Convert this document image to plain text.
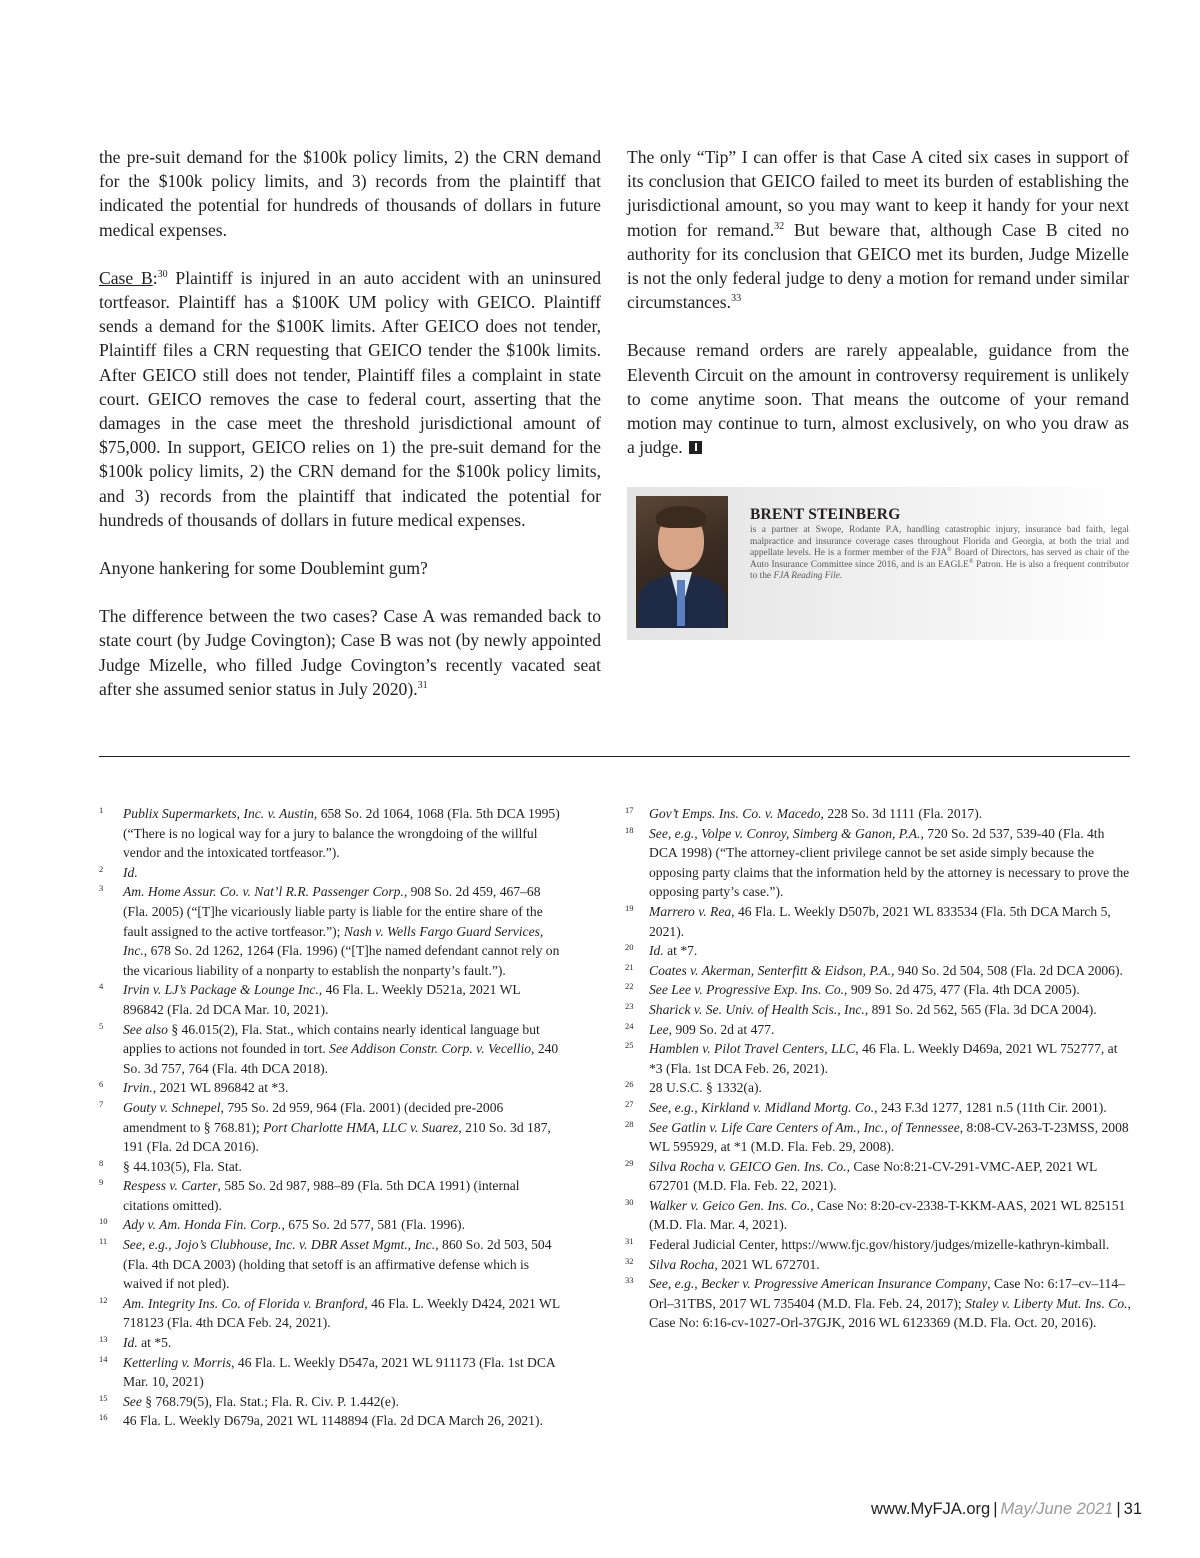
the pre-suit demand for the $100k policy limits, 2) the CRN demand for the $100k policy limits, and 3) records from the plaintiff that indicated the potential for hundreds of thousands of dollars in future medical expenses.

Case B:$^{30}$ Plaintiff is injured in an auto accident with an uninsured tortfeasor. Plaintiff has a $100K UM policy with GEICO. Plaintiff sends a demand for the $100K limits. After GEICO does not tender, Plaintiff files a CRN requesting that GEICO tender the $100k limits. After GEICO still does not tender, Plaintiff files a complaint in state court. GEICO removes the case to federal court, asserting that the damages in the case meet the threshold jurisdictional amount of $75,000. In support, GEICO relies on 1) the pre-suit demand for the $100k policy limits, 2) the CRN demand for the $100k policy limits, and 3) records from the plaintiff that indicated the potential for hundreds of thousands of dollars in future medical expenses.

Anyone hankering for some Doublemint gum?

The difference between the two cases? Case A was remanded back to state court (by Judge Covington); Case B was not (by newly appointed Judge Mizelle, who filled Judge Covington’s recently vacated seat after she assumed senior status in July 2020).$^{31}$

The only “Tip” I can offer is that Case A cited six cases in support of its conclusion that GEICO failed to meet its burden of establishing the jurisdictional amount, so you may want to keep it handy for your next motion for remand.$^{32}$ But beware that, although Case B cited no authority for its conclusion that GEICO met its burden, Judge Mizelle is not the only federal judge to deny a motion for remand under similar circumstances.$^{33}$

Because remand orders are rarely appealable, guidance from the Eleventh Circuit on the amount in controversy requirement is unlikely to come anytime soon. That means the outcome of your remand motion may continue to turn, almost exclusively, on who you draw as a judge.

BRENT STEINBERG

is a partner at Swope, Rodante P.A, handling catastrophic injury, insurance bad faith, legal malpractice and insurance coverage cases throughout Florida and Georgia, at both the trial and appellate levels. He is a former member of the FJA® Board of Directors, has served as chair of the Auto Insurance Committee since 2016, and is an EAGLE® Patron. He is also a frequent contributor to the FJA Reading File.

1 Publix Supermarkets, Inc. v. Austin, 658 So. 2d 1064, 1068 (Fla. 5th DCA 1995) (“There is no logical way for a jury to balance the wrongdoing of the willful vendor and the intoxicated tortfeasor.”).

2 Id.

3 Am. Home Assur. Co. v. Nat’l R.R. Passenger Corp., 908 So. 2d 459, 467–68 (Fla. 2005) (“[T]he vicariously liable party is liable for the entire share of the fault assigned to the active tortfeasor.”); Nash v. Wells Fargo Guard Services, Inc., 678 So. 2d 1262, 1264 (Fla. 1996) (“[T]he named defendant cannot rely on the vicarious liability of a nonparty to establish the nonparty’s fault.”).

4 Irvin v. LJ’s Package & Lounge Inc., 46 Fla. L. Weekly D521a, 2021 WL 896842 (Fla. 2d DCA Mar. 10, 2021).

5 See also § 46.015(2), Fla. Stat., which contains nearly identical language but applies to actions not founded in tort. See Addison Constr. Corp. v. Vecellio, 240 So. 3d 757, 764 (Fla. 4th DCA 2018).

6 Irvin., 2021 WL 896842 at *3.

7 Gouty v. Schnepel, 795 So. 2d 959, 964 (Fla. 2001) (decided pre-2006 amendment to § 768.81); Port Charlotte HMA, LLC v. Suarez, 210 So. 3d 187, 191 (Fla. 2d DCA 2016).

8 § 44.103(5), Fla. Stat.

9 Respess v. Carter, 585 So. 2d 987, 988–89 (Fla. 5th DCA 1991) (internal citations omitted).

10 Ady v. Am. Honda Fin. Corp., 675 So. 2d 577, 581 (Fla. 1996).

11 See, e.g., Jojo’s Clubhouse, Inc. v. DBR Asset Mgmt., Inc., 860 So. 2d 503, 504 (Fla. 4th DCA 2003) (holding that setoff is an affirmative defense which is waived if not pled).

12 Am. Integrity Ins. Co. of Florida v. Branford, 46 Fla. L. Weekly D424, 2021 WL 718123 (Fla. 4th DCA Feb. 24, 2021).

13 Id. at *5.

14 Ketterling v. Morris, 46 Fla. L. Weekly D547a, 2021 WL 911173 (Fla. 1st DCA Mar. 10, 2021)

15 See § 768.79(5), Fla. Stat.; Fla. R. Civ. P. 1.442(e).

16 46 Fla. L. Weekly D679a, 2021 WL 1148894 (Fla. 2d DCA March 26, 2021).

17 Gov’t Emps. Ins. Co. v. Macedo, 228 So. 3d 1111 (Fla. 2017).

18 See, e.g., Volpe v. Conroy, Simberg & Ganon, P.A., 720 So. 2d 537, 539-40 (Fla. 4th DCA 1998) (“The attorney-client privilege cannot be set aside simply because the opposing party claims that the information held by the attorney is necessary to prove the opposing party’s case.”).

19 Marrero v. Rea, 46 Fla. L. Weekly D507b, 2021 WL 833534 (Fla. 5th DCA March 5, 2021).

20 Id. at *7.

21 Coates v. Akerman, Senterfitt & Eidson, P.A., 940 So. 2d 504, 508 (Fla. 2d DCA 2006).

22 See Lee v. Progressive Exp. Ins. Co., 909 So. 2d 475, 477 (Fla. 4th DCA 2005).

23 Sharick v. Se. Univ. of Health Scis., Inc., 891 So. 2d 562, 565 (Fla. 3d DCA 2004).

24 Lee, 909 So. 2d at 477.

25 Hamblen v. Pilot Travel Centers, LLC, 46 Fla. L. Weekly D469a, 2021 WL 752777, at *3 (Fla. 1st DCA Feb. 26, 2021).

26 28 U.S.C. § 1332(a).

27 See, e.g., Kirkland v. Midland Mortg. Co., 243 F.3d 1277, 1281 n.5 (11th Cir. 2001).

28 See Gatlin v. Life Care Centers of Am., Inc., of Tennessee, 8:08-CV-263-T-23MSS, 2008 WL 595929, at *1 (M.D. Fla. Feb. 29, 2008).

29 Silva Rocha v. GEICO Gen. Ins. Co., Case No:8:21-CV-291-VMC-AEP, 2021 WL 672701 (M.D. Fla. Feb. 22, 2021).

30 Walker v. Geico Gen. Ins. Co., Case No: 8:20-cv-2338-T-KKM-AAS, 2021 WL 825151 (M.D. Fla. Mar. 4, 2021).

31 Federal Judicial Center, https://www.fjc.gov/history/judges/mizelle-kathryn-kimball.

32 Silva Rocha, 2021 WL 672701.

33 See, e.g., Becker v. Progressive American Insurance Company, Case No: 6:17–cv–114–Orl–31TBS, 2017 WL 735404 (M.D. Fla. Feb. 24, 2017); Staley v. Liberty Mut. Ins. Co., Case No: 6:16-cv-1027-Orl-37GJK, 2016 WL 6123369 (M.D. Fla. Oct. 20, 2016).

www.MyFJA.org | May/June 2021 | 31
